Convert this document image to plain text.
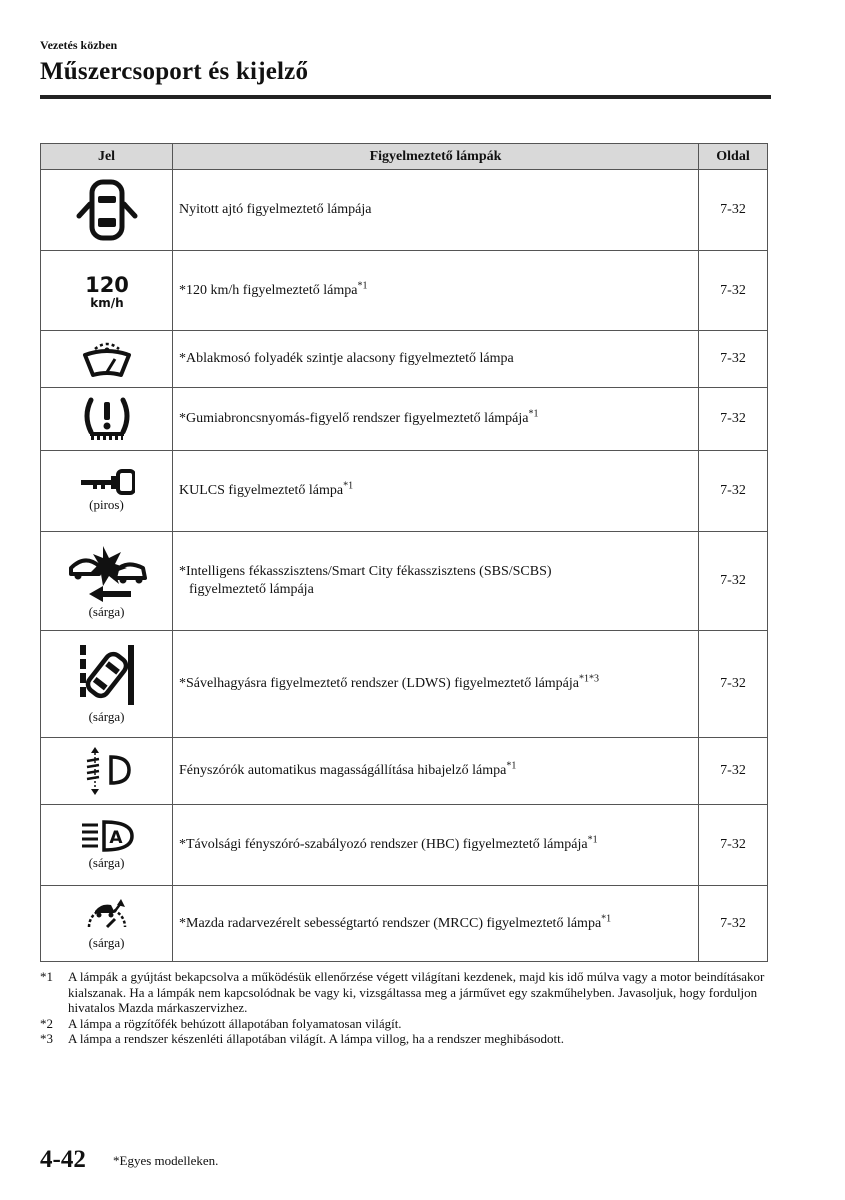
Vezetés közben
Műszercsoport és kijelző
Jel	Figyelmeztető lámpák	Oldal

	Nyitott ajtó figyelmeztető lámpája	7-32

120
km/h	*120 km/h figyelmeztető lámpa$^{*1}$	7-32

	*Ablakmosó folyadék szintje alacsony figyelmeztető lámpa	7-32

	*Gumiabroncsnyomás-figyelő rendszer figyelmeztető lámpája$^{*1}$	7-32

(piros)	KULCS figyelmeztető lámpa$^{*1}$	7-32

(sárga)	*Intelligens fékasszisztens/Smart City fékasszisztens (SBS/SCBS)
figyelmeztető lámpája	7-32

(sárga)	*Sávelhagyásra figyelmeztető rendszer (LDWS) figyelmeztető lámpája$^{*1*3}$	7-32

	Fényszórók automatikus magasságállítása hibajelző lámpa$^{*1}$	7-32

A
(sárga)	*Távolsági fényszóró-szabályozó rendszer (HBC) figyelmeztető lámpája$^{*1}$	7-32

(sárga)	*Mazda radarvezérelt sebességtartó rendszer (MRCC) figyelmeztető lámpa$^{*1}$	7-32
*1	A lámpák a gyújtást bekapcsolva a működésük ellenőrzése végett világítani kezdenek, majd kis idő múlva vagy a motor beindításakor kialszanak. Ha a lámpák nem kapcsolódnak be vagy ki, vizsgáltassa meg a járművet egy szakműhelyben. Javasoljuk, hogy forduljon hivatalos Mazda márkaszervizhez.
*2	A lámpa a rögzítőfék behúzott állapotában folyamatosan világít.
*3	A lámpa a rendszer készenléti állapotában világít. A lámpa villog, ha a rendszer meghibásodott.
4-42 *Egyes modelleken.
